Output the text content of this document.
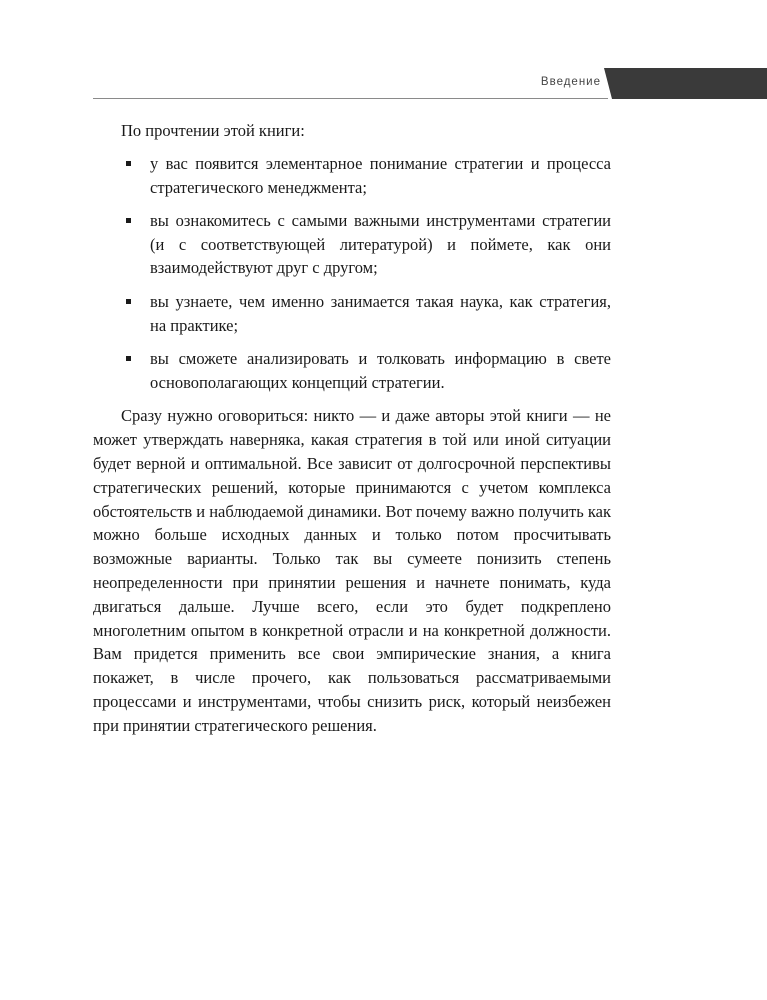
Введение

По прочтении этой книги:

у вас появится элементарное понимание стратегии и процесса стратегического менеджмента;
вы ознакомитесь с самыми важными инструментами стратегии (и с соответствующей литературой) и поймете, как они взаимодействуют друг с другом;
вы узнаете, чем именно занимается такая наука, как стратегия, на практике;
вы сможете анализировать и толковать информацию в свете основополагающих концепций стратегии.

Сразу нужно оговориться: никто — и даже авторы этой книги — не может утверждать наверняка, какая стратегия в той или иной ситуации будет верной и оптимальной. Все зависит от долгосрочной перспективы стратегических решений, которые принимаются с учетом комплекса обстоятельств и наблюдаемой динамики. Вот почему важно получить как можно больше исходных данных и только потом просчитывать возможные варианты. Только так вы сумеете понизить степень неопределенности при принятии решения и начнете понимать, куда двигаться дальше. Лучше всего, если это будет подкреплено многолетним опытом в конкретной отрасли и на конкретной должности. Вам придется применить все свои эмпирические знания, а книга покажет, в числе прочего, как пользоваться рассматриваемыми процессами и инструментами, чтобы снизить риск, который неизбежен при принятии стратегического решения.
